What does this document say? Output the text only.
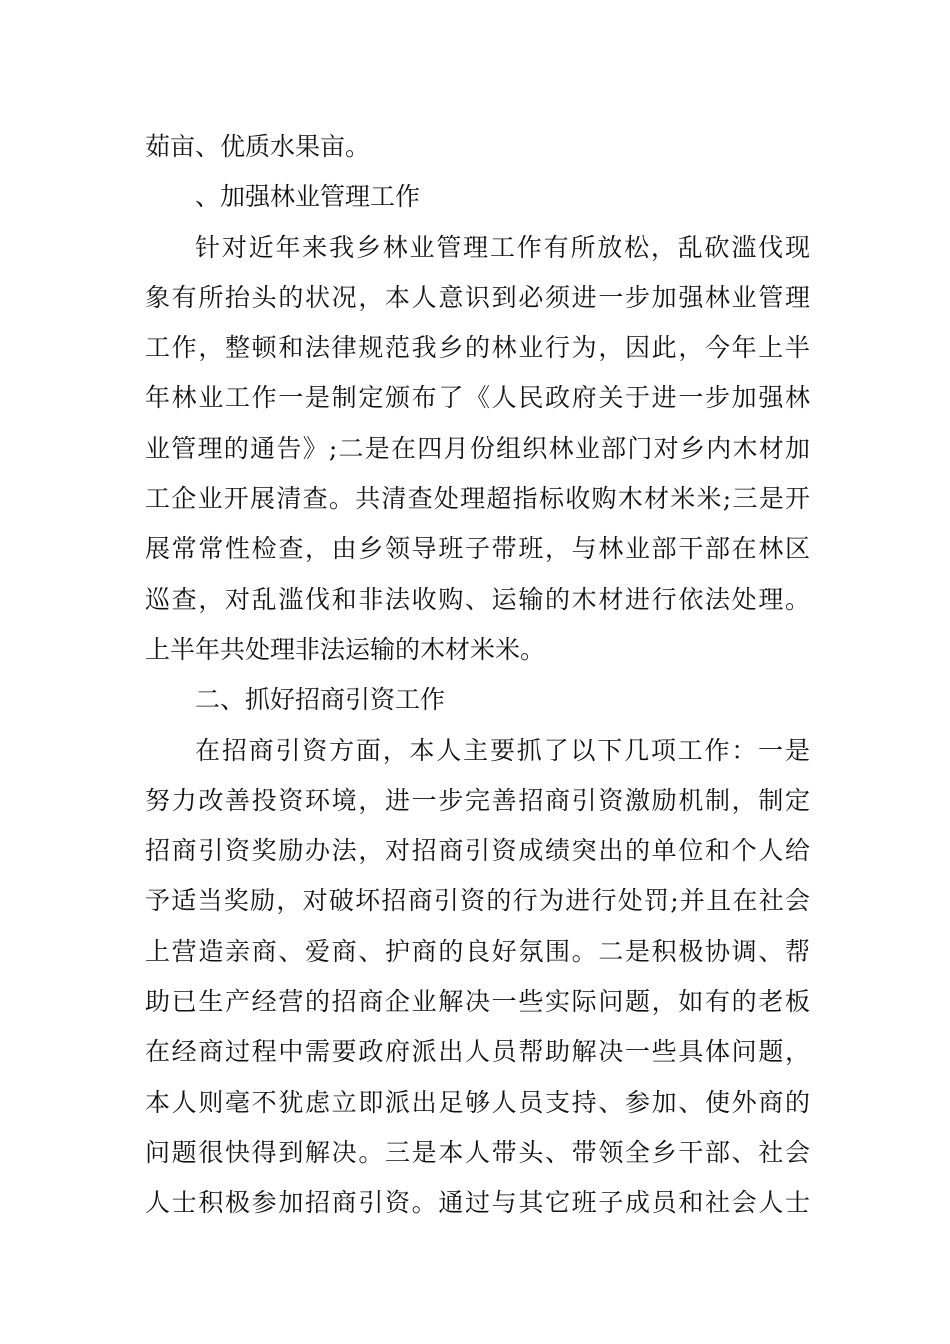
茹亩、优质水果亩。
、加强林业管理工作
针对近年来我乡林业管理工作有所放松，乱砍滥伐现
象有所抬头的状况，本人意识到必须进一步加强林业管理
工作，整顿和法律规范我乡的林业行为，因此，今年上半
年林业工作一是制定颁布了《人民政府关于进一步加强林
业管理的通告》;二是在四月份组织林业部门对乡内木材加
工企业开展清查。共清查处理超指标收购木材米米;三是开
展常常性检查，由乡领导班子带班，与林业部干部在林区
巡查，对乱滥伐和非法收购、运输的木材进行依法处理。
上半年共处理非法运输的木材米米。
二、抓好招商引资工作
在招商引资方面，本人主要抓了以下几项工作：一是
努力改善投资环境，进一步完善招商引资激励机制，制定
招商引资奖励办法，对招商引资成绩突出的单位和个人给
予适当奖励，对破坏招商引资的行为进行处罚;并且在社会
上营造亲商、爱商、护商的良好氛围。二是积极协调、帮
助已生产经营的招商企业解决一些实际问题，如有的老板
在经商过程中需要政府派出人员帮助解决一些具体问题，
本人则毫不犹虑立即派出足够人员支持、参加、使外商的
问题很快得到解决。三是本人带头、带领全乡干部、社会
人士积极参加招商引资。通过与其它班子成员和社会人士
